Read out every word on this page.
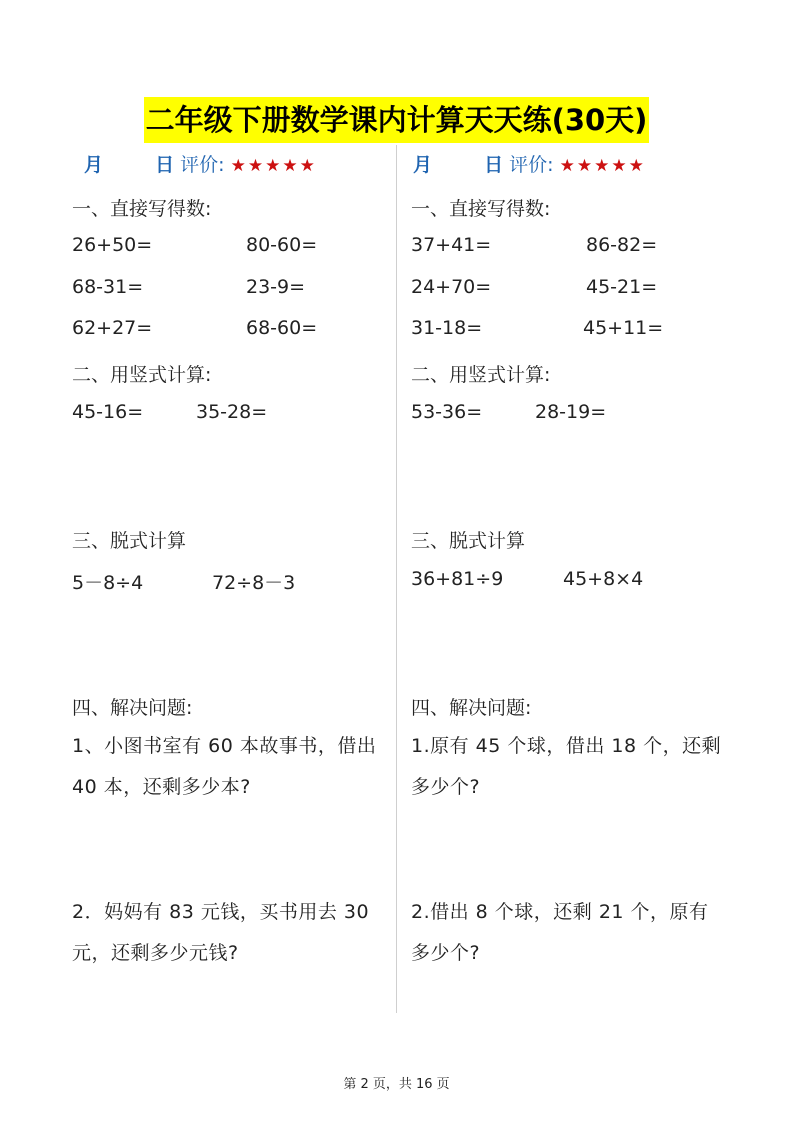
二年级下册数学课内计算天天练(30天)
月	日 评价: ★★★★★
一、直接写得数:
26+50=	80-60=
68-31=	23-9=
62+27=	68-60=
二、用竖式计算:
45-16=	35-28=
三、脱式计算
5－8÷4	72÷8－3
四、解决问题:
1、小图书室有 60 本故事书，借出 40 本，还剩多少本?
2．妈妈有 83 元钱，买书用去 30 元，还剩多少元钱?
月	日 评价: ★★★★★
一、直接写得数:
37+41=	86-82=
24+70=	45-21=
31-18=	45+11=
二、用竖式计算:
53-36=	28-19=
三、脱式计算
36+81÷9	45+8×4
四、解决问题:
1.原有 45 个球，借出 18 个，还剩多少个?
2.借出 8 个球，还剩 21 个，原有多少个?
第 2 页，共 16 页
